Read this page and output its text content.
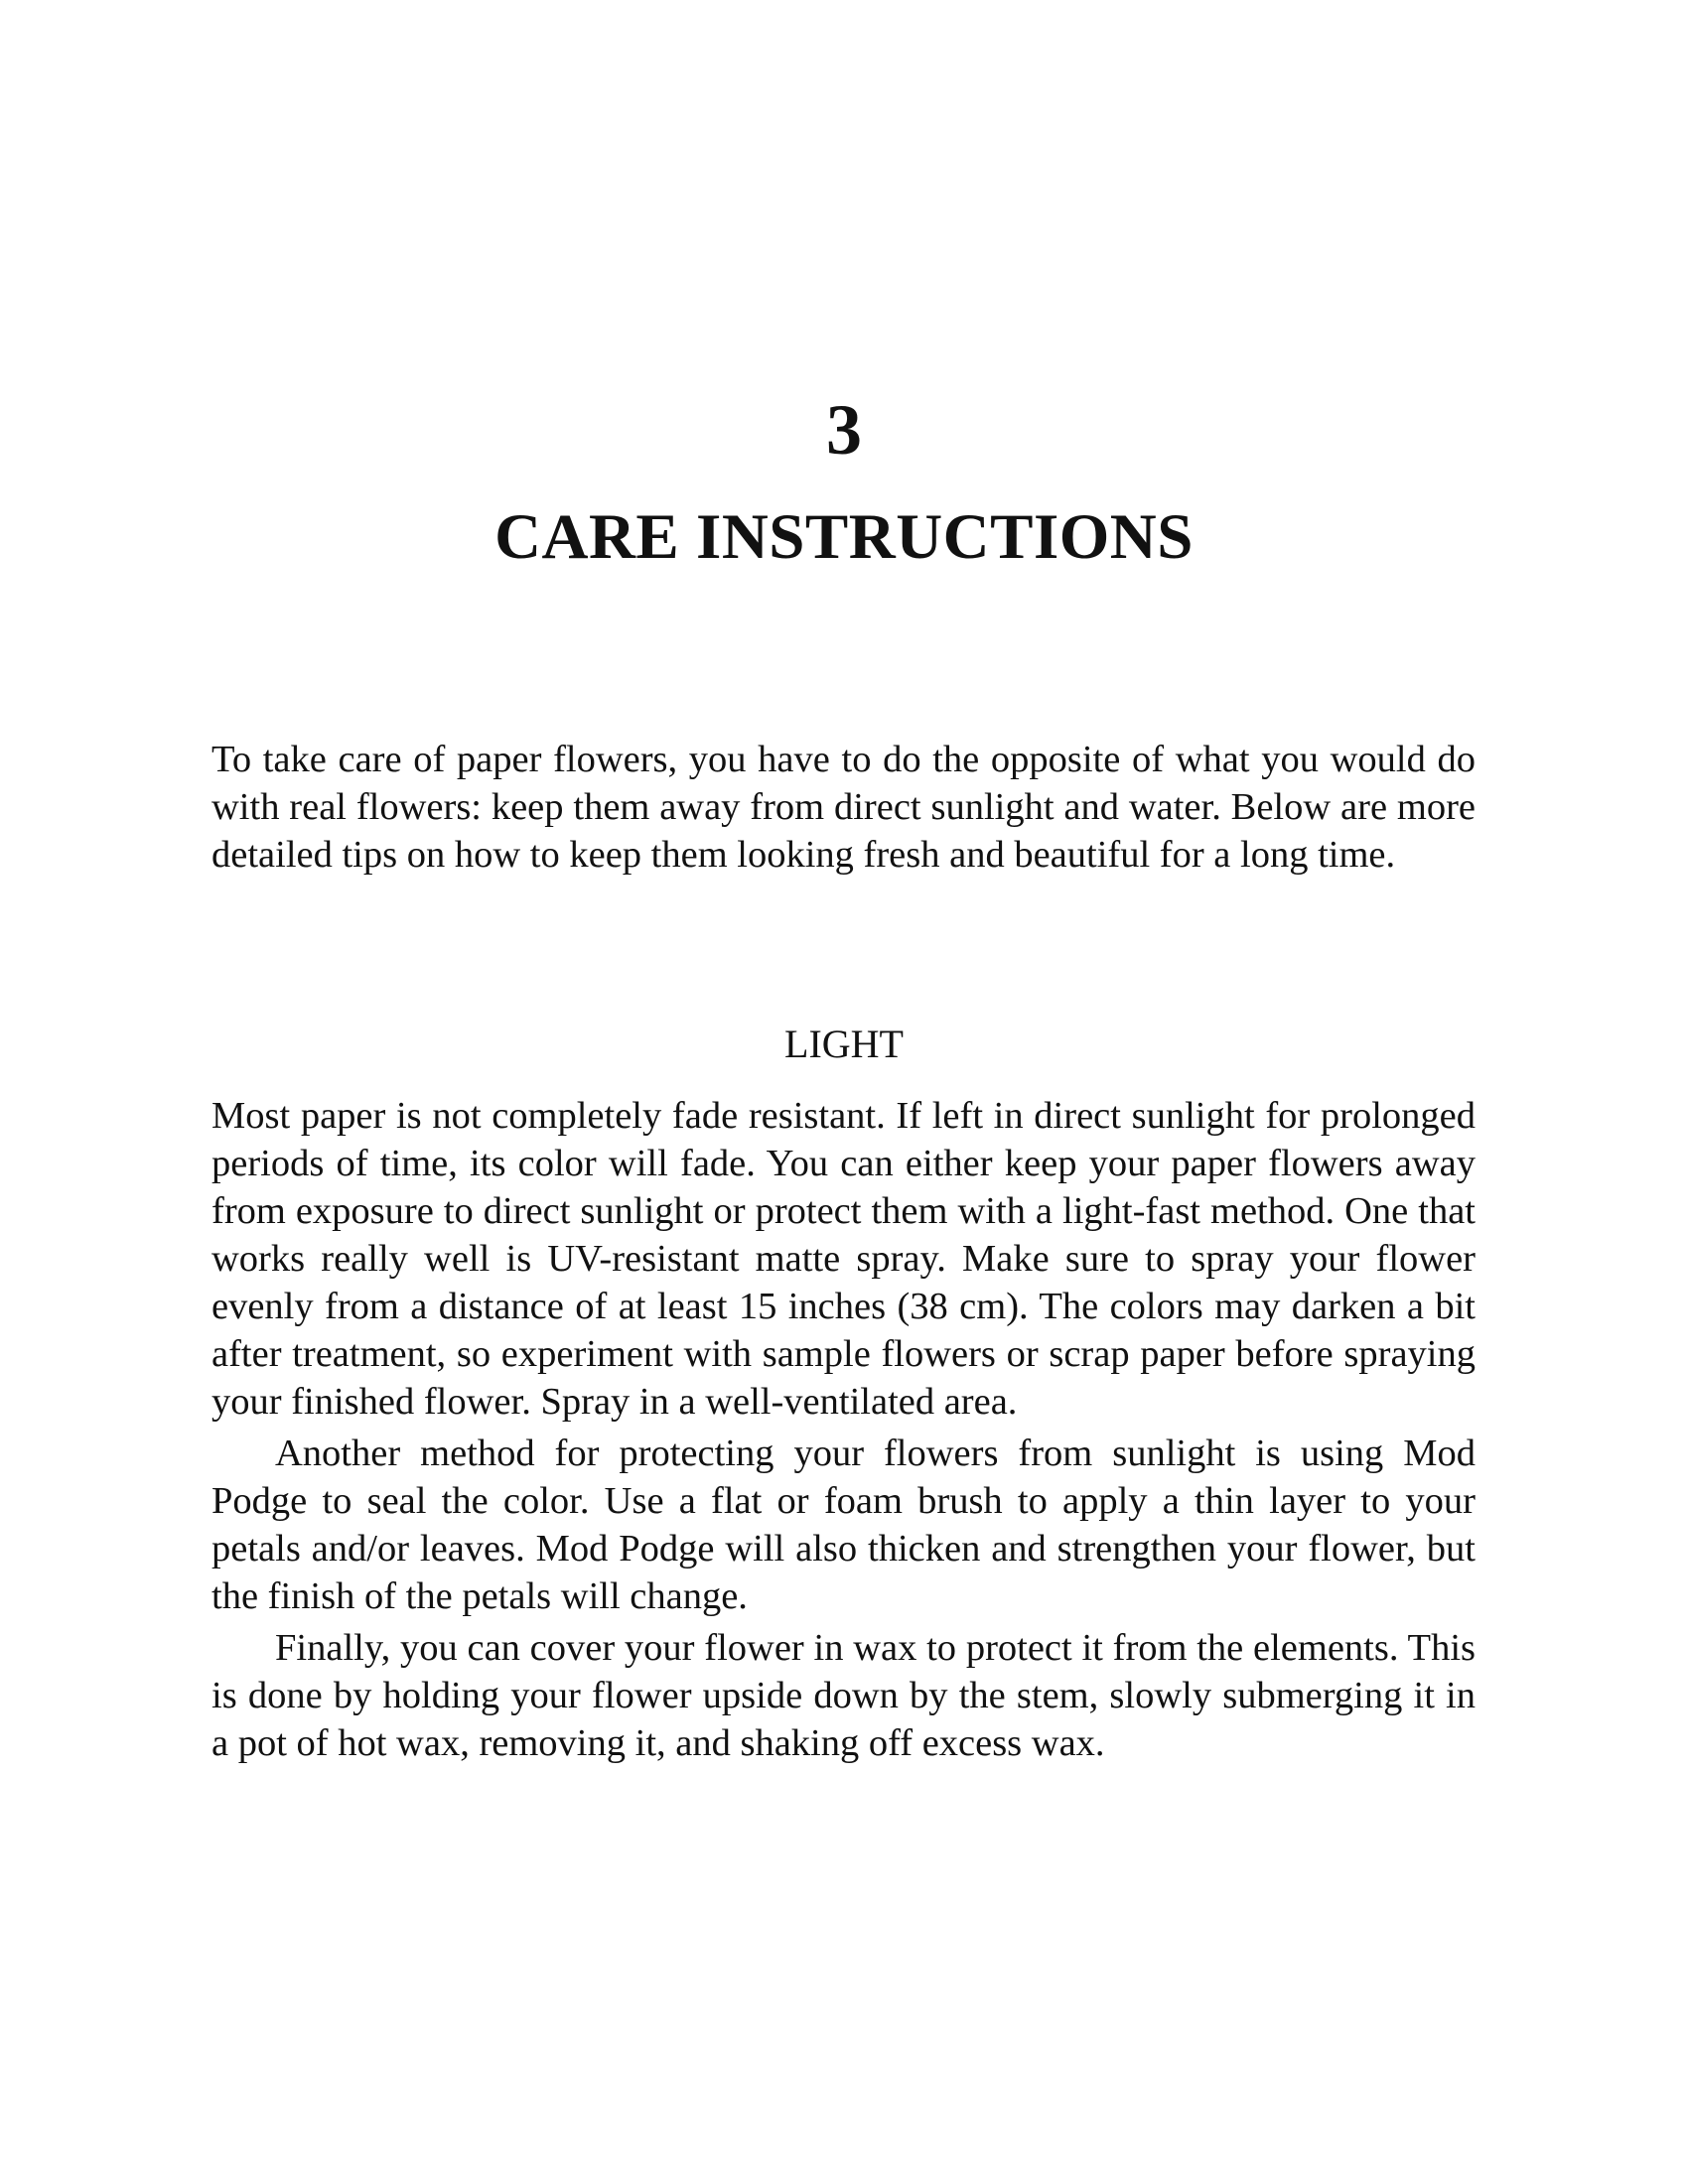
3
CARE INSTRUCTIONS

To take care of paper flowers, you have to do the opposite of what you would do with real flowers: keep them away from direct sunlight and water. Below are more detailed tips on how to keep them looking fresh and beautiful for a long time.

LIGHT

Most paper is not completely fade resistant. If left in direct sunlight for prolonged periods of time, its color will fade. You can either keep your paper flowers away from exposure to direct sunlight or protect them with a light-fast method. One that works really well is UV-resistant matte spray. Make sure to spray your flower evenly from a distance of at least 15 inches (38 cm). The colors may darken a bit after treatment, so experiment with sample flowers or scrap paper before spraying your finished flower. Spray in a well-ventilated area.

Another method for protecting your flowers from sunlight is using Mod Podge to seal the color. Use a flat or foam brush to apply a thin layer to your petals and/or leaves. Mod Podge will also thicken and strengthen your flower, but the finish of the petals will change.

Finally, you can cover your flower in wax to protect it from the elements. This is done by holding your flower upside down by the stem, slowly submerging it in a pot of hot wax, removing it, and shaking off excess wax.
